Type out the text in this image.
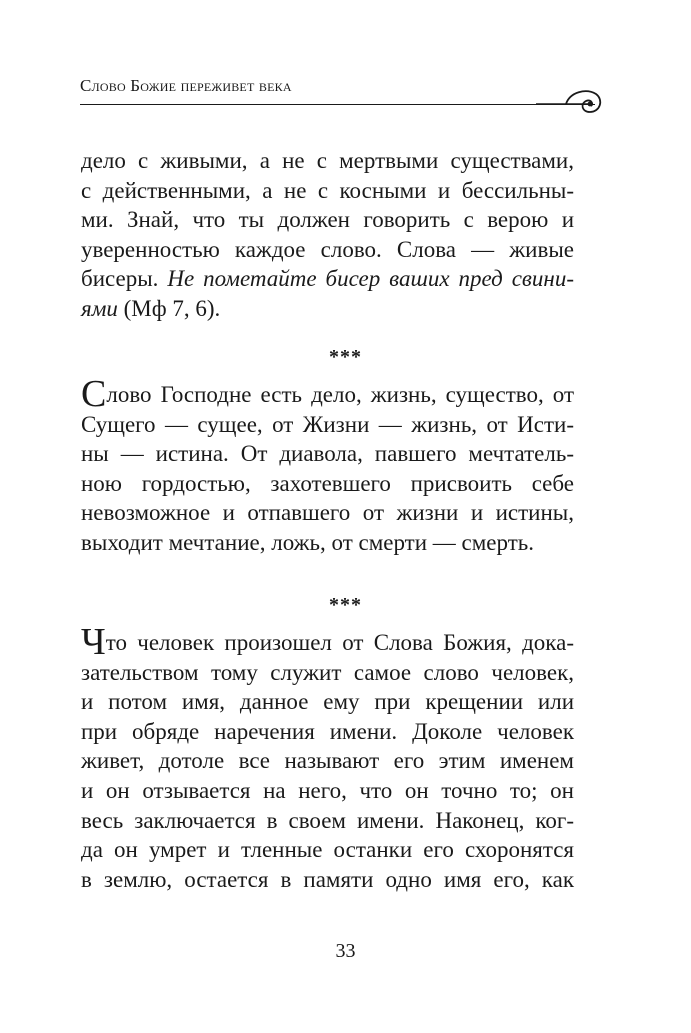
Слово Божие переживет века
дело с живыми, а не с мертвыми существами,
с действенными, а не с косными и бессильны-
ми. Знай, что ты должен говорить с верою и
уверенностью каждое слово. Слова — живые
бисеры. Не пометайте бисер ваших пред свини-
ями (Мф 7, 6).
***
Слово Господне есть дело, жизнь, существо, от
Сущего — сущее, от Жизни — жизнь, от Исти-
ны — истина. От диавола, павшего мечтатель-
ною гордостью, захотевшего присвоить себе
невозможное и отпавшего от жизни и истины,
выходит мечтание, ложь, от смерти — смерть.
***
Что человек произошел от Слова Божия, дока-
зательством тому служит самое слово человек,
и потом имя, данное ему при крещении или
при обряде наречения имени. Доколе человек
живет, дотоле все называют его этим именем
и он отзывается на него, что он точно то; он
весь заключается в своем имени. Наконец, ког-
да он умрет и тленные останки его схоронятся
в землю, остается в памяти одно имя его, как
33
